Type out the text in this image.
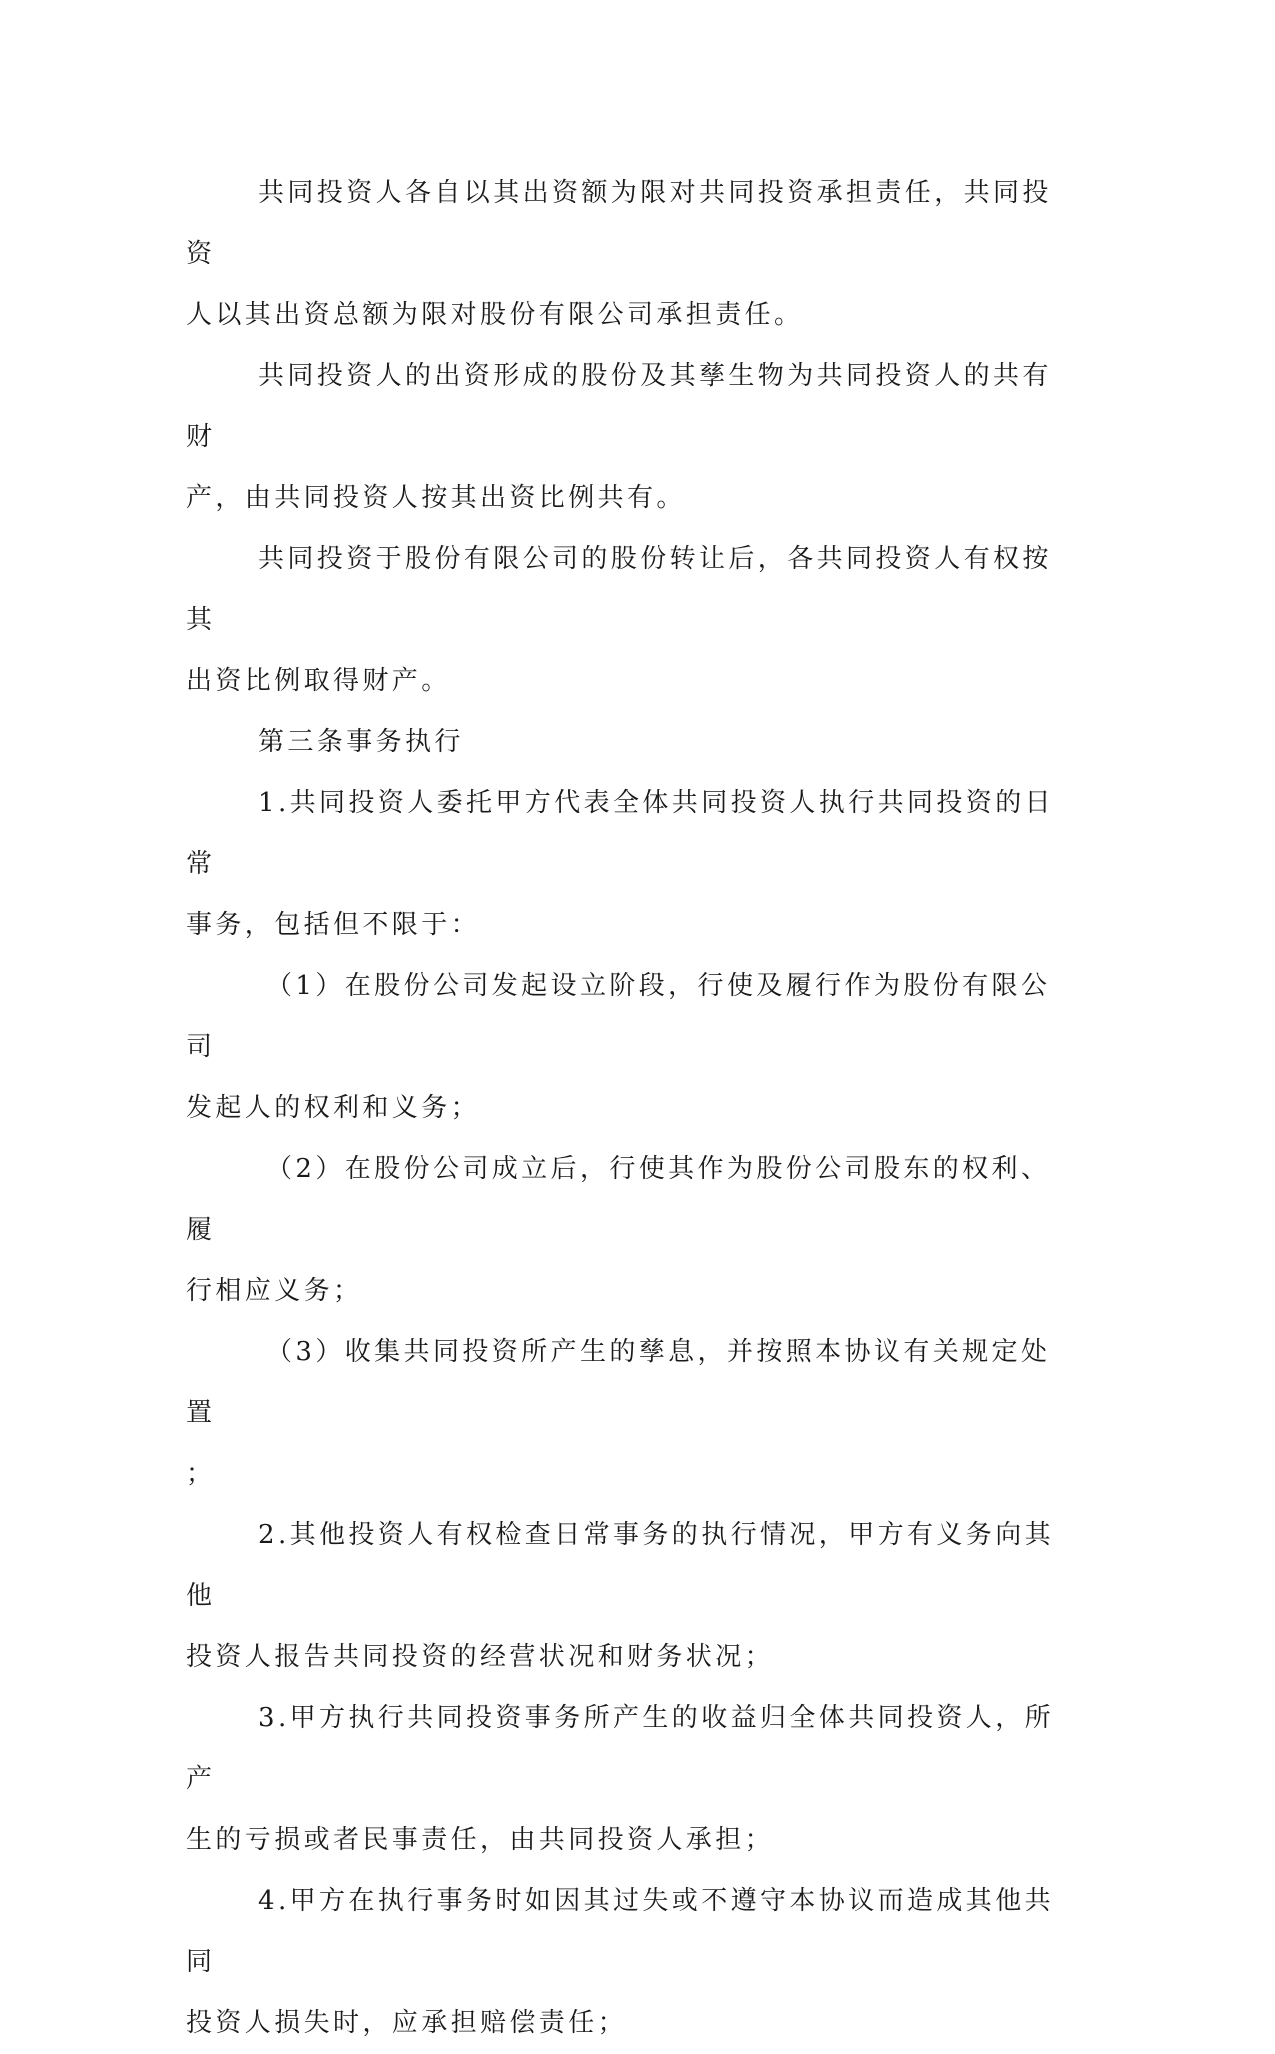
共同投资人各自以其出资额为限对共同投资承担责任，共同投资

人以其出资总额为限对股份有限公司承担责任。

共同投资人的出资形成的股份及其孳生物为共同投资人的共有财

产，由共同投资人按其出资比例共有。

共同投资于股份有限公司的股份转让后，各共同投资人有权按其

出资比例取得财产。

第三条事务执行

1.共同投资人委托甲方代表全体共同投资人执行共同投资的日常

事务，包括但不限于：

（1）在股份公司发起设立阶段，行使及履行作为股份有限公司

发起人的权利和义务；

（2）在股份公司成立后，行使其作为股份公司股东的权利、履

行相应义务；

（3）收集共同投资所产生的孳息，并按照本协议有关规定处置

；

2.其他投资人有权检查日常事务的执行情况，甲方有义务向其他

投资人报告共同投资的经营状况和财务状况；

3.甲方执行共同投资事务所产生的收益归全体共同投资人，所产

生的亏损或者民事责任，由共同投资人承担；

4.甲方在执行事务时如因其过失或不遵守本协议而造成其他共同

投资人损失时，应承担赔偿责任；
